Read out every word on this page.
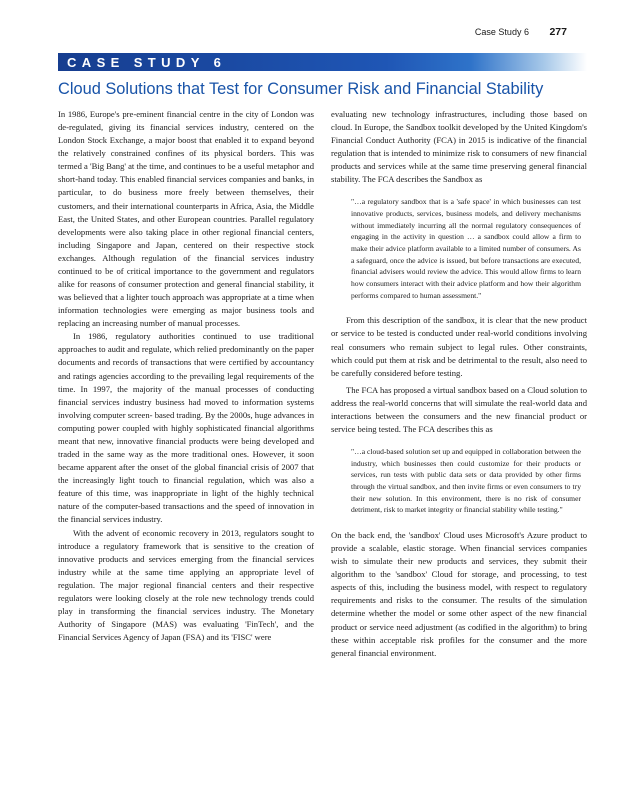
Case Study 6 277
CASE STUDY 6
Cloud Solutions that Test for Consumer Risk and Financial Stability

In 1986, Europe's pre-eminent financial centre in the city of London was de-regulated, giving its financial services industry, centered on the London Stock Exchange, a major boost that enabled it to expand beyond the relatively constrained confines of its physical borders. This was termed a 'Big Bang' at the time, and continues to be a useful metaphor and short-hand today. This enabled financial services companies and banks, in particular, to do business more freely between themselves, their customers, and their international counterparts in Africa, Asia, the Middle East, the United States, and other European countries. Parallel regulatory developments were also taking place in other regional financial centers, including Singapore and Japan, centered on their respective stock exchanges. Although regulation of the financial services industry continued to be of critical importance to the government and regulators alike for reasons of consumer protection and general financial stability, it was believed that a lighter touch approach was appropriate at a time when information technologies were emerging as major business tools and replacing an increasing number of manual processes.

In 1986, regulatory authorities continued to use traditional approaches to audit and regulate, which relied predominantly on the paper documents and records of transactions that were certified by accountancy and ratings agencies according to the prevailing legal requirements of the time. In 1997, the majority of the manual processes of conducting financial services industry business had moved to information systems involving computer screen- based trading. By the 2000s, huge advances in computing power coupled with highly sophisticated financial algorithms meant that new, innovative financial products were being developed and traded in the same way as the more traditional ones. However, it soon became apparent after the onset of the global financial crisis of 2007 that the increasingly light touch to financial regulation, which was also a feature of this time, was inappropriate in light of the highly technical nature of the computer-based transactions and the speed of innovation in the financial services industry.

With the advent of economic recovery in 2013, regulators sought to introduce a regulatory framework that is sensitive to the creation of innovative products and services emerging from the financial services industry while at the same time applying an appropriate level of regulation. The major regional financial centers and their respective regulators were looking closely at the role new technology trends could play in transforming the financial services industry. The Monetary Authority of Singapore (MAS) was evaluating 'FinTech', and the Financial Services Agency of Japan (FSA) and its 'FISC' were

evaluating new technology infrastructures, including those based on cloud. In Europe, the Sandbox toolkit developed by the United Kingdom's Financial Conduct Authority (FCA) in 2015 is indicative of the financial regulation that is intended to minimize risk to consumers of new financial products and services while at the same time preserving general financial stability. The FCA describes the Sandbox as

"…a regulatory sandbox that is a 'safe space' in which businesses can test innovative products, services, business models, and delivery mechanisms without immediately incurring all the normal regulatory consequences of engaging in the activity in question … a sandbox could allow a firm to make their advice platform available to a limited number of consumers. As a safeguard, once the advice is issued, but before transactions are executed, financial advisers would review the advice. This would allow firms to learn how consumers interact with their advice platform and how their algorithm performs compared to human assessment."

From this description of the sandbox, it is clear that the new product or service to be tested is conducted under real-world conditions involving real consumers who remain subject to legal rules. Other constraints, which could put them at risk and be detrimental to the result, also need to be carefully considered before testing.

The FCA has proposed a virtual sandbox based on a Cloud solution to address the real-world concerns that will simulate the real-world data and interactions between the consumers and the new financial product or service being tested. The FCA describes this as

"…a cloud-based solution set up and equipped in collaboration between the industry, which businesses then could customize for their products or services, run tests with public data sets or data provided by other firms through the virtual sandbox, and then invite firms or even consumers to try their new solution. In this environment, there is no risk of consumer detriment, risk to market integrity or financial stability while testing."

On the back end, the 'sandbox' Cloud uses Microsoft's Azure product to provide a scalable, elastic storage. When financial services companies wish to simulate their new products and services, they submit their algorithm to the 'sandbox' Cloud for storage, and processing, to test aspects of this, including the business model, with respect to regulatory requirements and risks to the consumer. The results of the simulation determine whether the model or some other aspect of the new financial product or service need adjustment (as codified in the algorithm) to bring these within acceptable risk profiles for the consumer and the more general financial environment.
